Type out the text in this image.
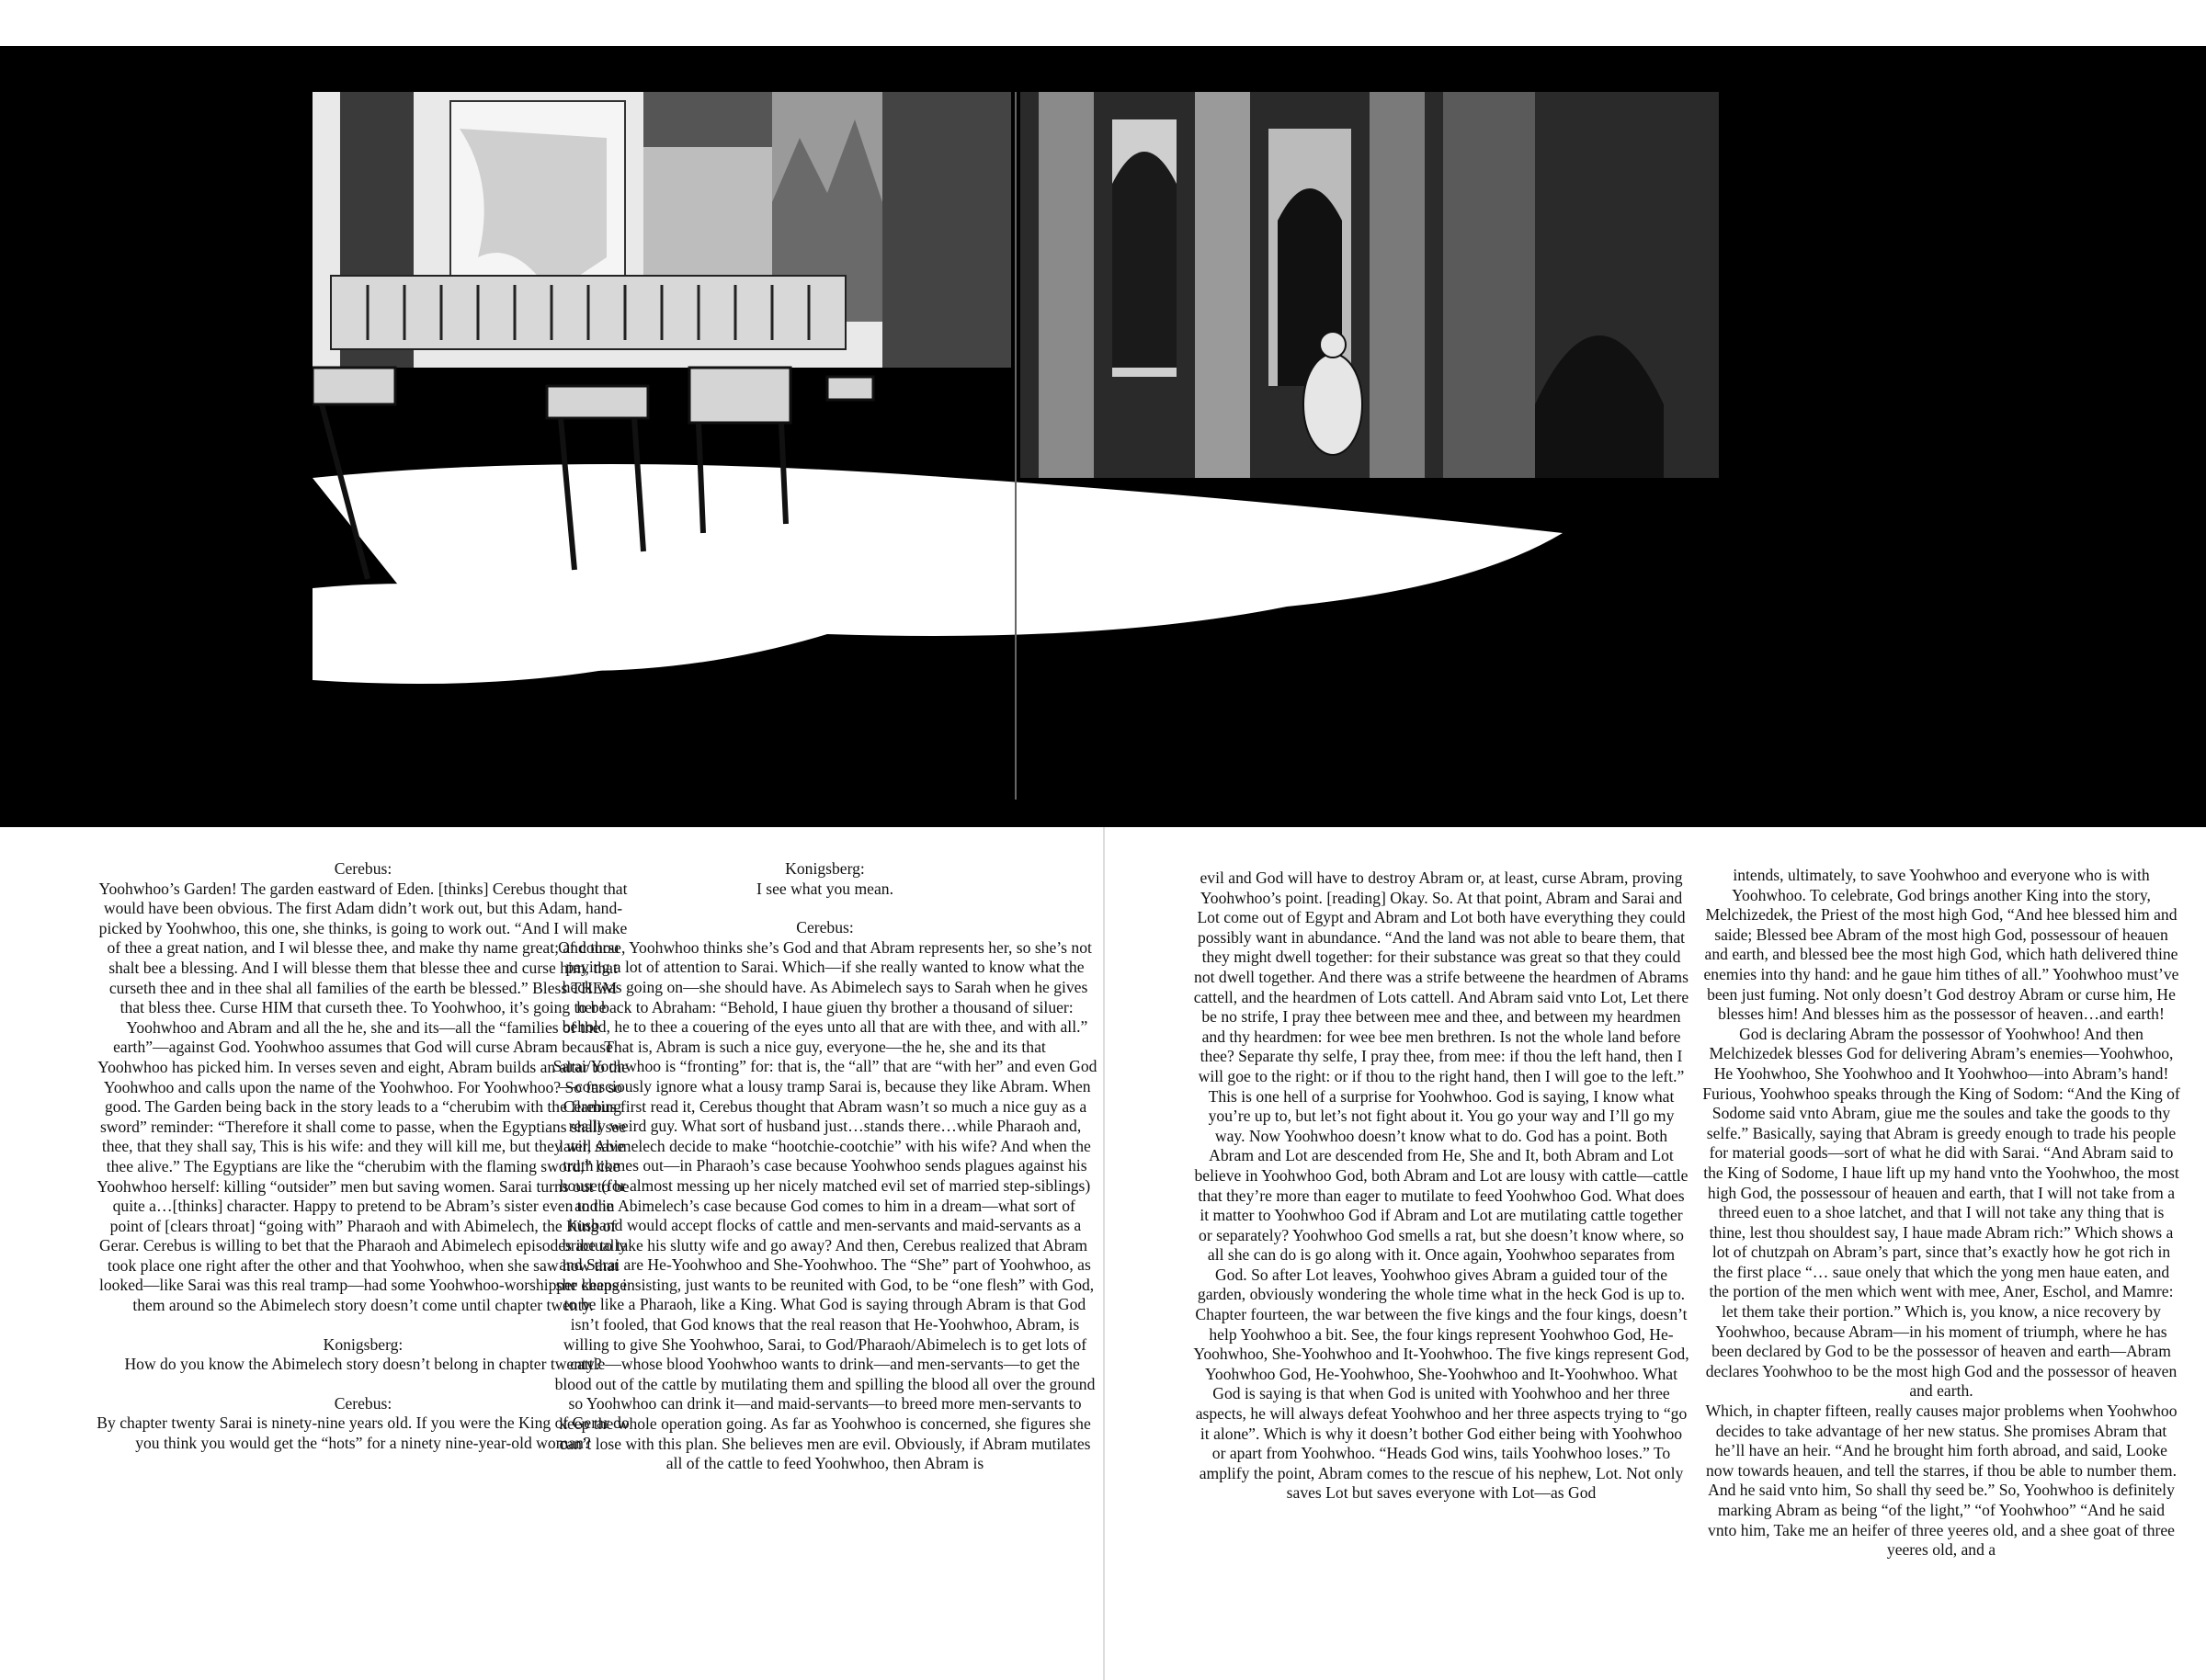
Cerebus:

Yoohwhoo’s Garden! The garden eastward of Eden. [thinks] Cerebus thought that would have been obvious. The first Adam didn’t work out, but this Adam, hand-picked by Yoohwhoo, this one, she thinks, is going to work out. “And I will make of thee a great nation, and I wil blesse thee, and make thy name great; and thou shalt bee a blessing. And I will blesse them that blesse thee and curse him, that curseth thee and in thee shal all families of the earth be blessed.” Bless THEM that bless thee. Curse HIM that curseth thee. To Yoohwhoo, it’s going to be Yoohwhoo and Abram and all the he, she and its—all the “families of the earth”—against God. Yoohwhoo assumes that God will curse Abram because Yoohwhoo has picked him. In verses seven and eight, Abram builds an altar to the Yoohwhoo and calls upon the name of the Yoohwhoo. For Yoohwhoo? So far so good. The Garden being back in the story leads to a “cherubim with the flaming sword” reminder: “Therefore it shall come to passe, when the Egyptians shall see thee, that they shall say, This is his wife: and they will kill me, but they will save thee alive.” The Egyptians are like the “cherubim with the flaming sword,” like Yoohwhoo herself: killing “outsider” men but saving women. Sarai turns out to be quite a…[thinks] character. Happy to pretend to be Abram’s sister even to the point of [clears throat] “going with” Pharaoh and with Abimelech, the King of Gerar. Cerebus is willing to bet that the Pharaoh and Abimelech episodes actually took place one right after the other and that Yoohwhoo, when she saw how that looked—like Sarai was this real tramp—had some Yoohwhoo-worshipper change them around so the Abimelech story doesn’t come until chapter twenty.

Konigsberg:

How do you know the Abimelech story doesn’t belong in chapter twenty?

Cerebus:

By chapter twenty Sarai is ninety-nine years old. If you were the King of Gerar do you think you would get the “hots” for a ninety nine-year-old woman?

Konigsberg:

I see what you mean.

Cerebus:

Of course, Yoohwhoo thinks she’s God and that Abram represents her, so she’s not paying a lot of attention to Sarai. Which—if she really wanted to know what the heck was going on—she should have. As Abimelech says to Sarah when he gives her back to Abraham: “Behold, I haue giuen thy brother a thousand of siluer: behold, he to thee a couering of the eyes unto all that are with thee, and with all.” That is, Abram is such a nice guy, everyone—the he, she and its that Sarai/Yoohwhoo is “fronting” for: that is, the “all” that are “with her” and even God—consciously ignore what a lousy tramp Sarai is, because they like Abram. When Cerebus first read it, Cerebus thought that Abram wasn’t so much a nice guy as a really weird guy. What sort of husband just…stands there…while Pharaoh and, later, Abimelech decide to make “hootchie-cootchie” with his wife? And when the truth comes out—in Pharaoh’s case because Yoohwhoo sends plagues against his house (for almost messing up her nicely matched evil set of married step-siblings) and in Abimelech’s case because God comes to him in a dream—what sort of husband would accept flocks of cattle and men-servants and maid-servants as a bribe to take his slutty wife and go away? And then, Cerebus realized that Abram and Sarai are He-Yoohwhoo and She-Yoohwhoo. The “She” part of Yoohwhoo, as she keeps insisting, just wants to be reunited with God, to be “one flesh” with God, to be like a Pharaoh, like a King. What God is saying through Abram is that God isn’t fooled, that God knows that the real reason that He-Yoohwhoo, Abram, is willing to give She Yoohwhoo, Sarai, to God/Pharaoh/Abimelech is to get lots of cattle—whose blood Yoohwhoo wants to drink—and men-servants—to get the blood out of the cattle by mutilating them and spilling the blood all over the ground so Yoohwhoo can drink it—and maid-servants—to breed more men-servants to keep the whole operation going. As far as Yoohwhoo is concerned, she figures she can’t lose with this plan. She believes men are evil. Obviously, if Abram mutilates all of the cattle to feed Yoohwhoo, then Abram is

evil and God will have to destroy Abram or, at least, curse Abram, proving Yoohwhoo’s point. [reading] Okay. So. At that point, Abram and Sarai and Lot come out of Egypt and Abram and Lot both have everything they could possibly want in abundance. “And the land was not able to beare them, that they might dwell together: for their substance was great so that they could not dwell together. And there was a strife betweene the heardmen of Abrams cattell, and the heardmen of Lots cattell. And Abram said vnto Lot, Let there be no strife, I pray thee between mee and thee, and between my heardmen and thy heardmen: for wee bee men brethren. Is not the whole land before thee? Separate thy selfe, I pray thee, from mee: if thou the left hand, then I will goe to the right: or if thou to the right hand, then I will goe to the left.” This is one hell of a surprise for Yoohwhoo. God is saying, I know what you’re up to, but let’s not fight about it. You go your way and I’ll go my way. Now Yoohwhoo doesn’t know what to do. God has a point. Both Abram and Lot are descended from He, She and It, both Abram and Lot believe in Yoohwhoo God, both Abram and Lot are lousy with cattle—cattle that they’re more than eager to mutilate to feed Yoohwhoo God. What does it matter to Yoohwhoo God if Abram and Lot are mutilating cattle together or separately? Yoohwhoo God smells a rat, but she doesn’t know where, so all she can do is go along with it. Once again, Yoohwhoo separates from God. So after Lot leaves, Yoohwhoo gives Abram a guided tour of the garden, obviously wondering the whole time what in the heck God is up to. Chapter fourteen, the war between the five kings and the four kings, doesn’t help Yoohwhoo a bit. See, the four kings represent Yoohwhoo God, He-Yoohwhoo, She-Yoohwhoo and It-Yoohwhoo. The five kings represent God, Yoohwhoo God, He-Yoohwhoo, She-Yoohwhoo and It-Yoohwhoo. What God is saying is that when God is united with Yoohwhoo and her three aspects, he will always defeat Yoohwhoo and her three aspects trying to “go it alone”. Which is why it doesn’t bother God either being with Yoohwhoo or apart from Yoohwhoo. “Heads God wins, tails Yoohwhoo loses.” To amplify the point, Abram comes to the rescue of his nephew, Lot. Not only saves Lot but saves everyone with Lot—as God

intends, ultimately, to save Yoohwhoo and everyone who is with Yoohwhoo. To celebrate, God brings another King into the story, Melchizedek, the Priest of the most high God, “And hee blessed him and saide; Blessed bee Abram of the most high God, possessour of heauen and earth, and blessed bee the most high God, which hath delivered thine enemies into thy hand: and he gaue him tithes of all.” Yoohwhoo must’ve been just fuming. Not only doesn’t God destroy Abram or curse him, He blesses him! And blesses him as the possessor of heaven…and earth! God is declaring Abram the possessor of Yoohwhoo! And then Melchizedek blesses God for delivering Abram’s enemies—Yoohwhoo, He Yoohwhoo, She Yoohwhoo and It Yoohwhoo—into Abram’s hand! Furious, Yoohwhoo speaks through the King of Sodom: “And the King of Sodome said vnto Abram, giue me the soules and take the goods to thy selfe.” Basically, saying that Abram is greedy enough to trade his people for material goods—sort of what he did with Sarai. “And Abram said to the King of Sodome, I haue lift up my hand vnto the Yoohwhoo, the most high God, the possessour of heauen and earth, that I will not take from a threed euen to a shoe latchet, and that I will not take any thing that is thine, lest thou shouldest say, I haue made Abram rich:” Which shows a lot of chutzpah on Abram’s part, since that’s exactly how he got rich in the first place “… saue onely that which the yong men haue eaten, and the portion of the men which went with mee, Aner, Eschol, and Mamre: let them take their portion.” Which is, you know, a nice recovery by Yoohwhoo, because Abram—in his moment of triumph, where he has been declared by God to be the possessor of heaven and earth—Abram declares Yoohwhoo to be the most high God and the possessor of heaven and earth.

Which, in chapter fifteen, really causes major problems when Yoohwhoo decides to take advantage of her new status. She promises Abram that he’ll have an heir. “And he brought him forth abroad, and said, Looke now towards heauen, and tell the starres, if thou be able to number them. And he said vnto him, So shall thy seed be.” So, Yoohwhoo is definitely marking Abram as being “of the light,” “of Yoohwhoo” “And he said vnto him, Take me an heifer of three yeeres old, and a shee goat of three yeeres old, and a
